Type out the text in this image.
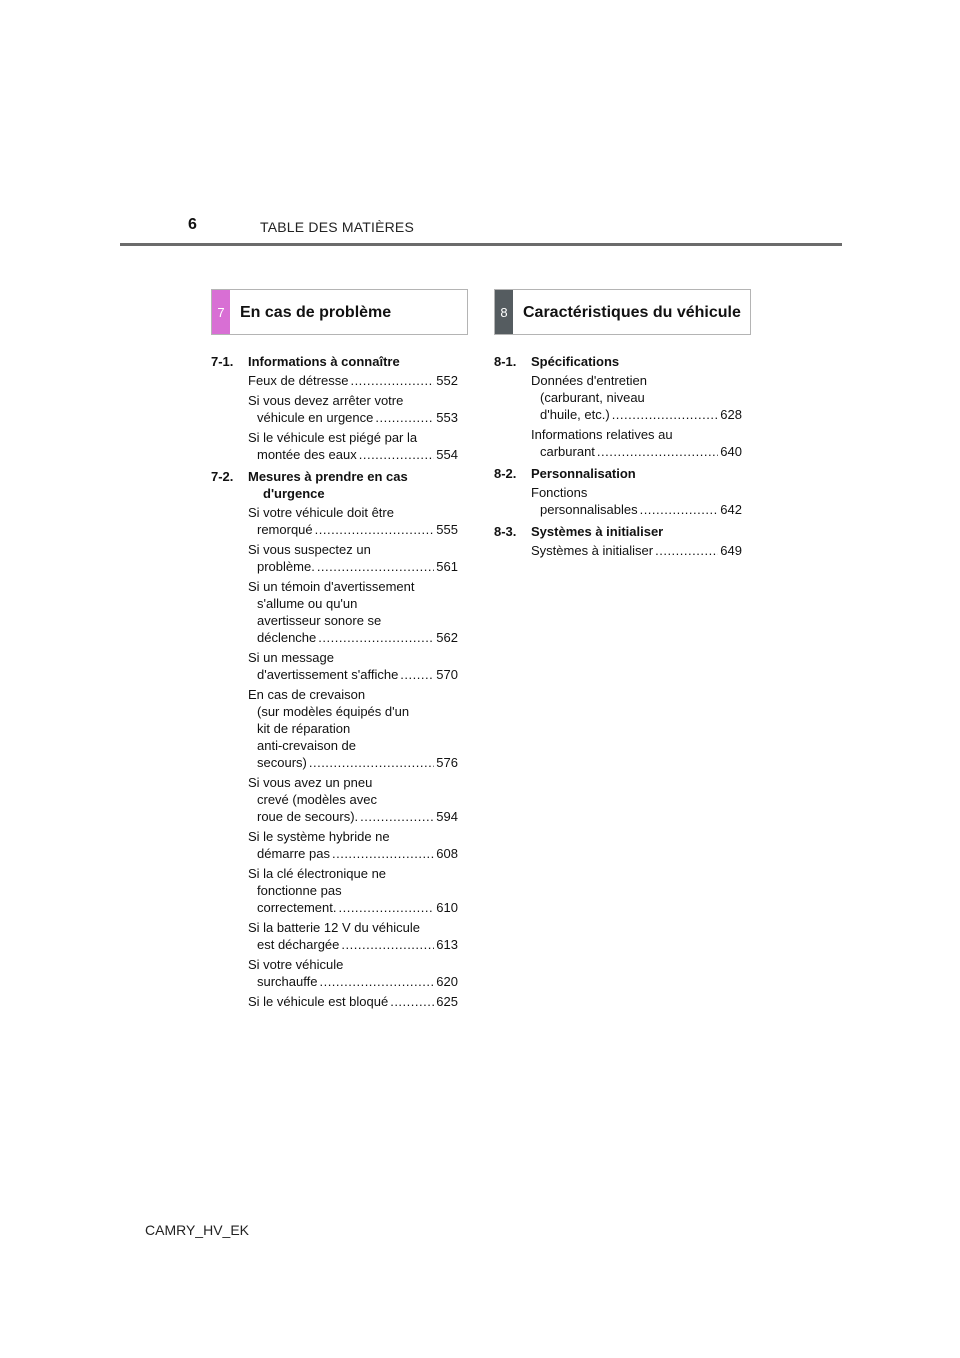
6	TABLE DES MATIÈRES
7 En cas de problème	8 Caractéristiques du véhicule
7-1.	Informations à connaître
Feux de détresse .....	552
Si vous devez arrêter votre
véhicule en urgence .....	553
Si le véhicule est piégé par la
montée des eaux .....	554
7-2.	Mesures à prendre en cas d'urgence
Si votre véhicule doit être
remorqué .....	555
Si vous suspectez un
problème. .....	561
Si un témoin d'avertissement
s'allume ou qu'un
avertisseur sonore se
déclenche .....	562
Si un message
d'avertissement s'affiche .....	570
En cas de crevaison
(sur modèles équipés d'un
kit de réparation
anti-crevaison de
secours) .....	576
Si vous avez un pneu
crevé (modèles avec
roue de secours). .....	594
Si le système hybride ne
démarre pas .....	608
Si la clé électronique ne
fonctionne pas
correctement. .....	610
Si la batterie 12 V du véhicule
est déchargée .....	613
Si votre véhicule
surchauffe .....	620
Si le véhicule est bloqué .....	625
8-1.	Spécifications
Données d'entretien
(carburant, niveau
d'huile, etc.) .....	628
Informations relatives au
carburant .....	640
8-2.	Personnalisation
Fonctions
personnalisables .....	642
8-3.	Systèmes à initialiser
Systèmes à initialiser .....	649
CAMRY_HV_EK
